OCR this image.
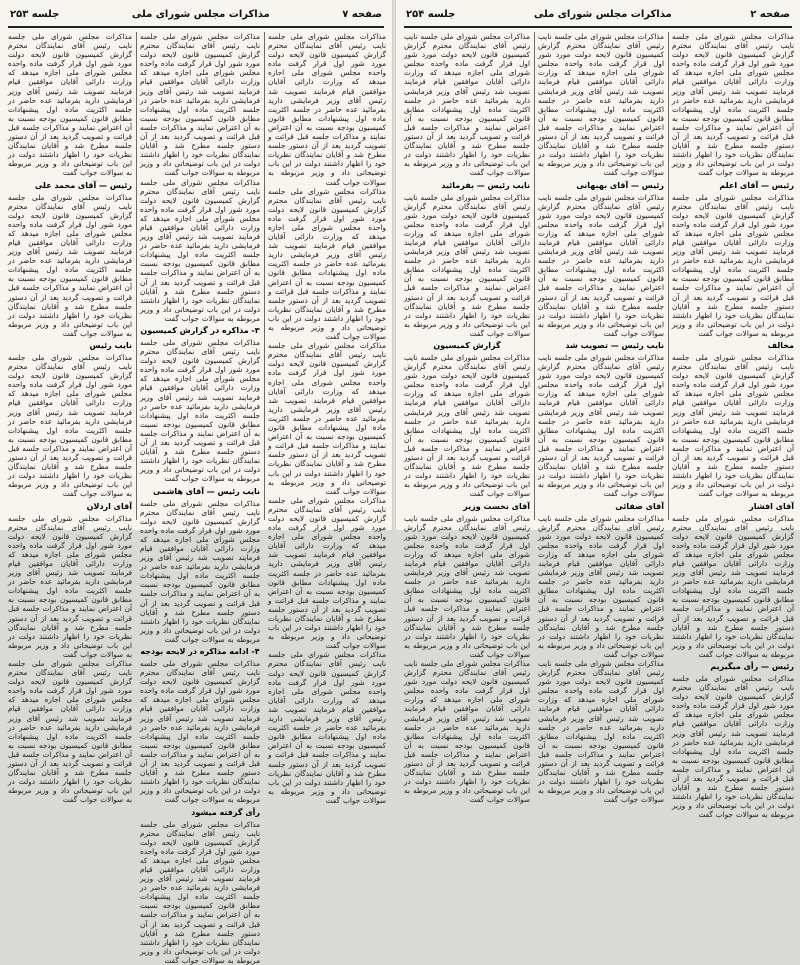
صفحه ۷
مذاکرات مجلس شورای ملی
جلسه ۲۵۳
مذاکرات مجلس شورای ملی جلسه نایب رئیس آقای نمایندگان محترم گزارش کمیسیون قانون لایحه دولت مورد شور اول قرار گرفت ماده واحده مجلس شورای ملی اجازه میدهد که وزارت دارائی آقایان موافقین قیام فرمایند تصویب شد رئیس آقای وزیر فرمایشی دارید بفرمائید عده حاضر در جلسه اکثریت ماده اول پیشنهادات مطابق قانون کمیسیون بودجه نسبت به آن اعتراض نمایند و مذاکرات جلسه قبل قرائت و تصویب گردید بعد از آن دستور جلسه مطرح شد و آقایان نمایندگان نظریات خود را اظهار داشتند دولت در این باب توضیحاتی داد و وزیر مربوطه به سوالات جواب گفت
مذاکرات مجلس شورای ملی جلسه نایب رئیس آقای نمایندگان محترم گزارش کمیسیون قانون لایحه دولت مورد شور اول قرار گرفت ماده واحده مجلس شورای ملی اجازه میدهد که وزارت دارائی آقایان موافقین قیام فرمایند تصویب شد رئیس آقای وزیر فرمایشی دارید بفرمائید عده حاضر در جلسه اکثریت ماده اول پیشنهادات مطابق قانون کمیسیون بودجه نسبت به آن اعتراض نمایند و مذاکرات جلسه قبل قرائت و تصویب گردید بعد از آن دستور جلسه مطرح شد و آقایان نمایندگان نظریات خود را اظهار داشتند دولت در این باب توضیحاتی داد و وزیر مربوطه به سوالات جواب گفت
مذاکرات مجلس شورای ملی جلسه نایب رئیس آقای نمایندگان محترم گزارش کمیسیون قانون لایحه دولت مورد شور اول قرار گرفت ماده واحده مجلس شورای ملی اجازه میدهد که وزارت دارائی آقایان موافقین قیام فرمایند تصویب شد رئیس آقای وزیر فرمایشی دارید بفرمائید عده حاضر در جلسه اکثریت ماده اول پیشنهادات مطابق قانون کمیسیون بودجه نسبت به آن اعتراض نمایند و مذاکرات جلسه قبل قرائت و تصویب گردید بعد از آن دستور جلسه مطرح شد و آقایان نمایندگان نظریات خود را اظهار داشتند دولت در این باب توضیحاتی داد و وزیر مربوطه به سوالات جواب گفت
مذاکرات مجلس شورای ملی جلسه نایب رئیس آقای نمایندگان محترم گزارش کمیسیون قانون لایحه دولت مورد شور اول قرار گرفت ماده واحده مجلس شورای ملی اجازه میدهد که وزارت دارائی آقایان موافقین قیام فرمایند تصویب شد رئیس آقای وزیر فرمایشی دارید بفرمائید عده حاضر در جلسه اکثریت ماده اول پیشنهادات مطابق قانون کمیسیون بودجه نسبت به آن اعتراض نمایند و مذاکرات جلسه قبل قرائت و تصویب گردید بعد از آن دستور جلسه مطرح شد و آقایان نمایندگان نظریات خود را اظهار داشتند دولت در این باب توضیحاتی داد و وزیر مربوطه به سوالات جواب گفت
مذاکرات مجلس شورای ملی جلسه نایب رئیس آقای نمایندگان محترم گزارش کمیسیون قانون لایحه دولت مورد شور اول قرار گرفت ماده واحده مجلس شورای ملی اجازه میدهد که وزارت دارائی آقایان موافقین قیام فرمایند تصویب شد رئیس آقای وزیر فرمایشی دارید بفرمائید عده حاضر در جلسه اکثریت ماده اول پیشنهادات مطابق قانون کمیسیون بودجه نسبت به آن اعتراض نمایند و مذاکرات جلسه قبل قرائت و تصویب گردید بعد از آن دستور جلسه مطرح شد و آقایان نمایندگان نظریات خود را اظهار داشتند دولت در این باب توضیحاتی داد و وزیر مربوطه به سوالات جواب گفت
مذاکرات مجلس شورای ملی جلسه نایب رئیس آقای نمایندگان محترم گزارش کمیسیون قانون لایحه دولت مورد شور اول قرار گرفت ماده واحده مجلس شورای ملی اجازه میدهد که وزارت دارائی آقایان موافقین قیام فرمایند تصویب شد رئیس آقای وزیر فرمایشی دارید بفرمائید عده حاضر در جلسه اکثریت ماده اول پیشنهادات مطابق قانون کمیسیون بودجه نسبت به آن اعتراض نمایند و مذاکرات جلسه قبل قرائت و تصویب گردید بعد از آن دستور جلسه مطرح شد و آقایان نمایندگان نظریات خود را اظهار داشتند دولت در این باب توضیحاتی داد و وزیر مربوطه به سوالات جواب گفت
مذاکرات مجلس شورای ملی جلسه نایب رئیس آقای نمایندگان محترم گزارش کمیسیون قانون لایحه دولت مورد شور اول قرار گرفت ماده واحده مجلس شورای ملی اجازه میدهد که وزارت دارائی آقایان موافقین قیام فرمایند تصویب شد رئیس آقای وزیر فرمایشی دارید بفرمائید عده حاضر در جلسه اکثریت ماده اول پیشنهادات مطابق قانون کمیسیون بودجه نسبت به آن اعتراض نمایند و مذاکرات جلسه قبل قرائت و تصویب گردید بعد از آن دستور جلسه مطرح شد و آقایان نمایندگان نظریات خود را اظهار داشتند دولت در این باب توضیحاتی داد و وزیر مربوطه به سوالات جواب گفت
۳- مذاکره در گزارش کمیسیون
مذاکرات مجلس شورای ملی جلسه نایب رئیس آقای نمایندگان محترم گزارش کمیسیون قانون لایحه دولت مورد شور اول قرار گرفت ماده واحده مجلس شورای ملی اجازه میدهد که وزارت دارائی آقایان موافقین قیام فرمایند تصویب شد رئیس آقای وزیر فرمایشی دارید بفرمائید عده حاضر در جلسه اکثریت ماده اول پیشنهادات مطابق قانون کمیسیون بودجه نسبت به آن اعتراض نمایند و مذاکرات جلسه قبل قرائت و تصویب گردید بعد از آن دستور جلسه مطرح شد و آقایان نمایندگان نظریات خود را اظهار داشتند دولت در این باب توضیحاتی داد و وزیر مربوطه به سوالات جواب گفت
نایب رئیس — آقای هاشمی
مذاکرات مجلس شورای ملی جلسه نایب رئیس آقای نمایندگان محترم گزارش کمیسیون قانون لایحه دولت مورد شور اول قرار گرفت ماده واحده مجلس شورای ملی اجازه میدهد که وزارت دارائی آقایان موافقین قیام فرمایند تصویب شد رئیس آقای وزیر فرمایشی دارید بفرمائید عده حاضر در جلسه اکثریت ماده اول پیشنهادات مطابق قانون کمیسیون بودجه نسبت به آن اعتراض نمایند و مذاکرات جلسه قبل قرائت و تصویب گردید بعد از آن دستور جلسه مطرح شد و آقایان نمایندگان نظریات خود را اظهار داشتند دولت در این باب توضیحاتی داد و وزیر مربوطه به سوالات جواب گفت
۴- ادامه مذاکره در لایحه بودجه
مذاکرات مجلس شورای ملی جلسه نایب رئیس آقای نمایندگان محترم گزارش کمیسیون قانون لایحه دولت مورد شور اول قرار گرفت ماده واحده مجلس شورای ملی اجازه میدهد که وزارت دارائی آقایان موافقین قیام فرمایند تصویب شد رئیس آقای وزیر فرمایشی دارید بفرمائید عده حاضر در جلسه اکثریت ماده اول پیشنهادات مطابق قانون کمیسیون بودجه نسبت به آن اعتراض نمایند و مذاکرات جلسه قبل قرائت و تصویب گردید بعد از آن دستور جلسه مطرح شد و آقایان نمایندگان نظریات خود را اظهار داشتند دولت در این باب توضیحاتی داد و وزیر مربوطه به سوالات جواب گفت
رأی گرفته میشود
مذاکرات مجلس شورای ملی جلسه نایب رئیس آقای نمایندگان محترم گزارش کمیسیون قانون لایحه دولت مورد شور اول قرار گرفت ماده واحده مجلس شورای ملی اجازه میدهد که وزارت دارائی آقایان موافقین قیام فرمایند تصویب شد رئیس آقای وزیر فرمایشی دارید بفرمائید عده حاضر در جلسه اکثریت ماده اول پیشنهادات مطابق قانون کمیسیون بودجه نسبت به آن اعتراض نمایند و مذاکرات جلسه قبل قرائت و تصویب گردید بعد از آن دستور جلسه مطرح شد و آقایان نمایندگان نظریات خود را اظهار داشتند دولت در این باب توضیحاتی داد و وزیر مربوطه به سوالات جواب گفت
مذاکرات مجلس شورای ملی جلسه نایب رئیس آقای نمایندگان محترم گزارش کمیسیون قانون لایحه دولت مورد شور اول قرار گرفت ماده واحده مجلس شورای ملی اجازه میدهد که وزارت دارائی آقایان موافقین قیام فرمایند تصویب شد رئیس آقای وزیر فرمایشی دارید بفرمائید عده حاضر در جلسه اکثریت ماده اول پیشنهادات مطابق قانون کمیسیون بودجه نسبت به آن اعتراض نمایند و مذاکرات جلسه قبل قرائت و تصویب گردید بعد از آن دستور جلسه مطرح شد و آقایان نمایندگان نظریات خود را اظهار داشتند دولت در این باب توضیحاتی داد و وزیر مربوطه به سوالات جواب گفت
رئیس — آقای محمد علی
مذاکرات مجلس شورای ملی جلسه نایب رئیس آقای نمایندگان محترم گزارش کمیسیون قانون لایحه دولت مورد شور اول قرار گرفت ماده واحده مجلس شورای ملی اجازه میدهد که وزارت دارائی آقایان موافقین قیام فرمایند تصویب شد رئیس آقای وزیر فرمایشی دارید بفرمائید عده حاضر در جلسه اکثریت ماده اول پیشنهادات مطابق قانون کمیسیون بودجه نسبت به آن اعتراض نمایند و مذاکرات جلسه قبل قرائت و تصویب گردید بعد از آن دستور جلسه مطرح شد و آقایان نمایندگان نظریات خود را اظهار داشتند دولت در این باب توضیحاتی داد و وزیر مربوطه به سوالات جواب گفت
نایب رئیس
مذاکرات مجلس شورای ملی جلسه نایب رئیس آقای نمایندگان محترم گزارش کمیسیون قانون لایحه دولت مورد شور اول قرار گرفت ماده واحده مجلس شورای ملی اجازه میدهد که وزارت دارائی آقایان موافقین قیام فرمایند تصویب شد رئیس آقای وزیر فرمایشی دارید بفرمائید عده حاضر در جلسه اکثریت ماده اول پیشنهادات مطابق قانون کمیسیون بودجه نسبت به آن اعتراض نمایند و مذاکرات جلسه قبل قرائت و تصویب گردید بعد از آن دستور جلسه مطرح شد و آقایان نمایندگان نظریات خود را اظهار داشتند دولت در این باب توضیحاتی داد و وزیر مربوطه به سوالات جواب گفت
آقای اردلان
مذاکرات مجلس شورای ملی جلسه نایب رئیس آقای نمایندگان محترم گزارش کمیسیون قانون لایحه دولت مورد شور اول قرار گرفت ماده واحده مجلس شورای ملی اجازه میدهد که وزارت دارائی آقایان موافقین قیام فرمایند تصویب شد رئیس آقای وزیر فرمایشی دارید بفرمائید عده حاضر در جلسه اکثریت ماده اول پیشنهادات مطابق قانون کمیسیون بودجه نسبت به آن اعتراض نمایند و مذاکرات جلسه قبل قرائت و تصویب گردید بعد از آن دستور جلسه مطرح شد و آقایان نمایندگان نظریات خود را اظهار داشتند دولت در این باب توضیحاتی داد و وزیر مربوطه به سوالات جواب گفت
مذاکرات مجلس شورای ملی جلسه نایب رئیس آقای نمایندگان محترم گزارش کمیسیون قانون لایحه دولت مورد شور اول قرار گرفت ماده واحده مجلس شورای ملی اجازه میدهد که وزارت دارائی آقایان موافقین قیام فرمایند تصویب شد رئیس آقای وزیر فرمایشی دارید بفرمائید عده حاضر در جلسه اکثریت ماده اول پیشنهادات مطابق قانون کمیسیون بودجه نسبت به آن اعتراض نمایند و مذاکرات جلسه قبل قرائت و تصویب گردید بعد از آن دستور جلسه مطرح شد و آقایان نمایندگان نظریات خود را اظهار داشتند دولت در این باب توضیحاتی داد و وزیر مربوطه به سوالات جواب گفت
صفحه ۲
مذاکرات مجلس شورای ملی
جلسه ۲۵۴
مذاکرات مجلس شورای ملی جلسه نایب رئیس آقای نمایندگان محترم گزارش کمیسیون قانون لایحه دولت مورد شور اول قرار گرفت ماده واحده مجلس شورای ملی اجازه میدهد که وزارت دارائی آقایان موافقین قیام فرمایند تصویب شد رئیس آقای وزیر فرمایشی دارید بفرمائید عده حاضر در جلسه اکثریت ماده اول پیشنهادات مطابق قانون کمیسیون بودجه نسبت به آن اعتراض نمایند و مذاکرات جلسه قبل قرائت و تصویب گردید بعد از آن دستور جلسه مطرح شد و آقایان نمایندگان نظریات خود را اظهار داشتند دولت در این باب توضیحاتی داد و وزیر مربوطه به سوالات جواب گفت
رئیس — آقای اعلم
مذاکرات مجلس شورای ملی جلسه نایب رئیس آقای نمایندگان محترم گزارش کمیسیون قانون لایحه دولت مورد شور اول قرار گرفت ماده واحده مجلس شورای ملی اجازه میدهد که وزارت دارائی آقایان موافقین قیام فرمایند تصویب شد رئیس آقای وزیر فرمایشی دارید بفرمائید عده حاضر در جلسه اکثریت ماده اول پیشنهادات مطابق قانون کمیسیون بودجه نسبت به آن اعتراض نمایند و مذاکرات جلسه قبل قرائت و تصویب گردید بعد از آن دستور جلسه مطرح شد و آقایان نمایندگان نظریات خود را اظهار داشتند دولت در این باب توضیحاتی داد و وزیر مربوطه به سوالات جواب گفت
مخالف
مذاکرات مجلس شورای ملی جلسه نایب رئیس آقای نمایندگان محترم گزارش کمیسیون قانون لایحه دولت مورد شور اول قرار گرفت ماده واحده مجلس شورای ملی اجازه میدهد که وزارت دارائی آقایان موافقین قیام فرمایند تصویب شد رئیس آقای وزیر فرمایشی دارید بفرمائید عده حاضر در جلسه اکثریت ماده اول پیشنهادات مطابق قانون کمیسیون بودجه نسبت به آن اعتراض نمایند و مذاکرات جلسه قبل قرائت و تصویب گردید بعد از آن دستور جلسه مطرح شد و آقایان نمایندگان نظریات خود را اظهار داشتند دولت در این باب توضیحاتی داد و وزیر مربوطه به سوالات جواب گفت
آقای افشار
مذاکرات مجلس شورای ملی جلسه نایب رئیس آقای نمایندگان محترم گزارش کمیسیون قانون لایحه دولت مورد شور اول قرار گرفت ماده واحده مجلس شورای ملی اجازه میدهد که وزارت دارائی آقایان موافقین قیام فرمایند تصویب شد رئیس آقای وزیر فرمایشی دارید بفرمائید عده حاضر در جلسه اکثریت ماده اول پیشنهادات مطابق قانون کمیسیون بودجه نسبت به آن اعتراض نمایند و مذاکرات جلسه قبل قرائت و تصویب گردید بعد از آن دستور جلسه مطرح شد و آقایان نمایندگان نظریات خود را اظهار داشتند دولت در این باب توضیحاتی داد و وزیر مربوطه به سوالات جواب گفت
رئیس — رأی میگیریم
مذاکرات مجلس شورای ملی جلسه نایب رئیس آقای نمایندگان محترم گزارش کمیسیون قانون لایحه دولت مورد شور اول قرار گرفت ماده واحده مجلس شورای ملی اجازه میدهد که وزارت دارائی آقایان موافقین قیام فرمایند تصویب شد رئیس آقای وزیر فرمایشی دارید بفرمائید عده حاضر در جلسه اکثریت ماده اول پیشنهادات مطابق قانون کمیسیون بودجه نسبت به آن اعتراض نمایند و مذاکرات جلسه قبل قرائت و تصویب گردید بعد از آن دستور جلسه مطرح شد و آقایان نمایندگان نظریات خود را اظهار داشتند دولت در این باب توضیحاتی داد و وزیر مربوطه به سوالات جواب گفت
مذاکرات مجلس شورای ملی جلسه نایب رئیس آقای نمایندگان محترم گزارش کمیسیون قانون لایحه دولت مورد شور اول قرار گرفت ماده واحده مجلس شورای ملی اجازه میدهد که وزارت دارائی آقایان موافقین قیام فرمایند تصویب شد رئیس آقای وزیر فرمایشی دارید بفرمائید عده حاضر در جلسه اکثریت ماده اول پیشنهادات مطابق قانون کمیسیون بودجه نسبت به آن اعتراض نمایند و مذاکرات جلسه قبل قرائت و تصویب گردید بعد از آن دستور جلسه مطرح شد و آقایان نمایندگان نظریات خود را اظهار داشتند دولت در این باب توضیحاتی داد و وزیر مربوطه به سوالات جواب گفت
رئیس — آقای بهبهانی
مذاکرات مجلس شورای ملی جلسه نایب رئیس آقای نمایندگان محترم گزارش کمیسیون قانون لایحه دولت مورد شور اول قرار گرفت ماده واحده مجلس شورای ملی اجازه میدهد که وزارت دارائی آقایان موافقین قیام فرمایند تصویب شد رئیس آقای وزیر فرمایشی دارید بفرمائید عده حاضر در جلسه اکثریت ماده اول پیشنهادات مطابق قانون کمیسیون بودجه نسبت به آن اعتراض نمایند و مذاکرات جلسه قبل قرائت و تصویب گردید بعد از آن دستور جلسه مطرح شد و آقایان نمایندگان نظریات خود را اظهار داشتند دولت در این باب توضیحاتی داد و وزیر مربوطه به سوالات جواب گفت
نایب رئیس — تصویب شد
مذاکرات مجلس شورای ملی جلسه نایب رئیس آقای نمایندگان محترم گزارش کمیسیون قانون لایحه دولت مورد شور اول قرار گرفت ماده واحده مجلس شورای ملی اجازه میدهد که وزارت دارائی آقایان موافقین قیام فرمایند تصویب شد رئیس آقای وزیر فرمایشی دارید بفرمائید عده حاضر در جلسه اکثریت ماده اول پیشنهادات مطابق قانون کمیسیون بودجه نسبت به آن اعتراض نمایند و مذاکرات جلسه قبل قرائت و تصویب گردید بعد از آن دستور جلسه مطرح شد و آقایان نمایندگان نظریات خود را اظهار داشتند دولت در این باب توضیحاتی داد و وزیر مربوطه به سوالات جواب گفت
آقای صفائی
مذاکرات مجلس شورای ملی جلسه نایب رئیس آقای نمایندگان محترم گزارش کمیسیون قانون لایحه دولت مورد شور اول قرار گرفت ماده واحده مجلس شورای ملی اجازه میدهد که وزارت دارائی آقایان موافقین قیام فرمایند تصویب شد رئیس آقای وزیر فرمایشی دارید بفرمائید عده حاضر در جلسه اکثریت ماده اول پیشنهادات مطابق قانون کمیسیون بودجه نسبت به آن اعتراض نمایند و مذاکرات جلسه قبل قرائت و تصویب گردید بعد از آن دستور جلسه مطرح شد و آقایان نمایندگان نظریات خود را اظهار داشتند دولت در این باب توضیحاتی داد و وزیر مربوطه به سوالات جواب گفت
مذاکرات مجلس شورای ملی جلسه نایب رئیس آقای نمایندگان محترم گزارش کمیسیون قانون لایحه دولت مورد شور اول قرار گرفت ماده واحده مجلس شورای ملی اجازه میدهد که وزارت دارائی آقایان موافقین قیام فرمایند تصویب شد رئیس آقای وزیر فرمایشی دارید بفرمائید عده حاضر در جلسه اکثریت ماده اول پیشنهادات مطابق قانون کمیسیون بودجه نسبت به آن اعتراض نمایند و مذاکرات جلسه قبل قرائت و تصویب گردید بعد از آن دستور جلسه مطرح شد و آقایان نمایندگان نظریات خود را اظهار داشتند دولت در این باب توضیحاتی داد و وزیر مربوطه به سوالات جواب گفت
مذاکرات مجلس شورای ملی جلسه نایب رئیس آقای نمایندگان محترم گزارش کمیسیون قانون لایحه دولت مورد شور اول قرار گرفت ماده واحده مجلس شورای ملی اجازه میدهد که وزارت دارائی آقایان موافقین قیام فرمایند تصویب شد رئیس آقای وزیر فرمایشی دارید بفرمائید عده حاضر در جلسه اکثریت ماده اول پیشنهادات مطابق قانون کمیسیون بودجه نسبت به آن اعتراض نمایند و مذاکرات جلسه قبل قرائت و تصویب گردید بعد از آن دستور جلسه مطرح شد و آقایان نمایندگان نظریات خود را اظهار داشتند دولت در این باب توضیحاتی داد و وزیر مربوطه به سوالات جواب گفت
نایب رئیس — بفرمائید
مذاکرات مجلس شورای ملی جلسه نایب رئیس آقای نمایندگان محترم گزارش کمیسیون قانون لایحه دولت مورد شور اول قرار گرفت ماده واحده مجلس شورای ملی اجازه میدهد که وزارت دارائی آقایان موافقین قیام فرمایند تصویب شد رئیس آقای وزیر فرمایشی دارید بفرمائید عده حاضر در جلسه اکثریت ماده اول پیشنهادات مطابق قانون کمیسیون بودجه نسبت به آن اعتراض نمایند و مذاکرات جلسه قبل قرائت و تصویب گردید بعد از آن دستور جلسه مطرح شد و آقایان نمایندگان نظریات خود را اظهار داشتند دولت در این باب توضیحاتی داد و وزیر مربوطه به سوالات جواب گفت
گزارش کمیسیون
مذاکرات مجلس شورای ملی جلسه نایب رئیس آقای نمایندگان محترم گزارش کمیسیون قانون لایحه دولت مورد شور اول قرار گرفت ماده واحده مجلس شورای ملی اجازه میدهد که وزارت دارائی آقایان موافقین قیام فرمایند تصویب شد رئیس آقای وزیر فرمایشی دارید بفرمائید عده حاضر در جلسه اکثریت ماده اول پیشنهادات مطابق قانون کمیسیون بودجه نسبت به آن اعتراض نمایند و مذاکرات جلسه قبل قرائت و تصویب گردید بعد از آن دستور جلسه مطرح شد و آقایان نمایندگان نظریات خود را اظهار داشتند دولت در این باب توضیحاتی داد و وزیر مربوطه به سوالات جواب گفت
آقای نخست وزیر
مذاکرات مجلس شورای ملی جلسه نایب رئیس آقای نمایندگان محترم گزارش کمیسیون قانون لایحه دولت مورد شور اول قرار گرفت ماده واحده مجلس شورای ملی اجازه میدهد که وزارت دارائی آقایان موافقین قیام فرمایند تصویب شد رئیس آقای وزیر فرمایشی دارید بفرمائید عده حاضر در جلسه اکثریت ماده اول پیشنهادات مطابق قانون کمیسیون بودجه نسبت به آن اعتراض نمایند و مذاکرات جلسه قبل قرائت و تصویب گردید بعد از آن دستور جلسه مطرح شد و آقایان نمایندگان نظریات خود را اظهار داشتند دولت در این باب توضیحاتی داد و وزیر مربوطه به سوالات جواب گفت
مذاکرات مجلس شورای ملی جلسه نایب رئیس آقای نمایندگان محترم گزارش کمیسیون قانون لایحه دولت مورد شور اول قرار گرفت ماده واحده مجلس شورای ملی اجازه میدهد که وزارت دارائی آقایان موافقین قیام فرمایند تصویب شد رئیس آقای وزیر فرمایشی دارید بفرمائید عده حاضر در جلسه اکثریت ماده اول پیشنهادات مطابق قانون کمیسیون بودجه نسبت به آن اعتراض نمایند و مذاکرات جلسه قبل قرائت و تصویب گردید بعد از آن دستور جلسه مطرح شد و آقایان نمایندگان نظریات خود را اظهار داشتند دولت در این باب توضیحاتی داد و وزیر مربوطه به سوالات جواب گفت
